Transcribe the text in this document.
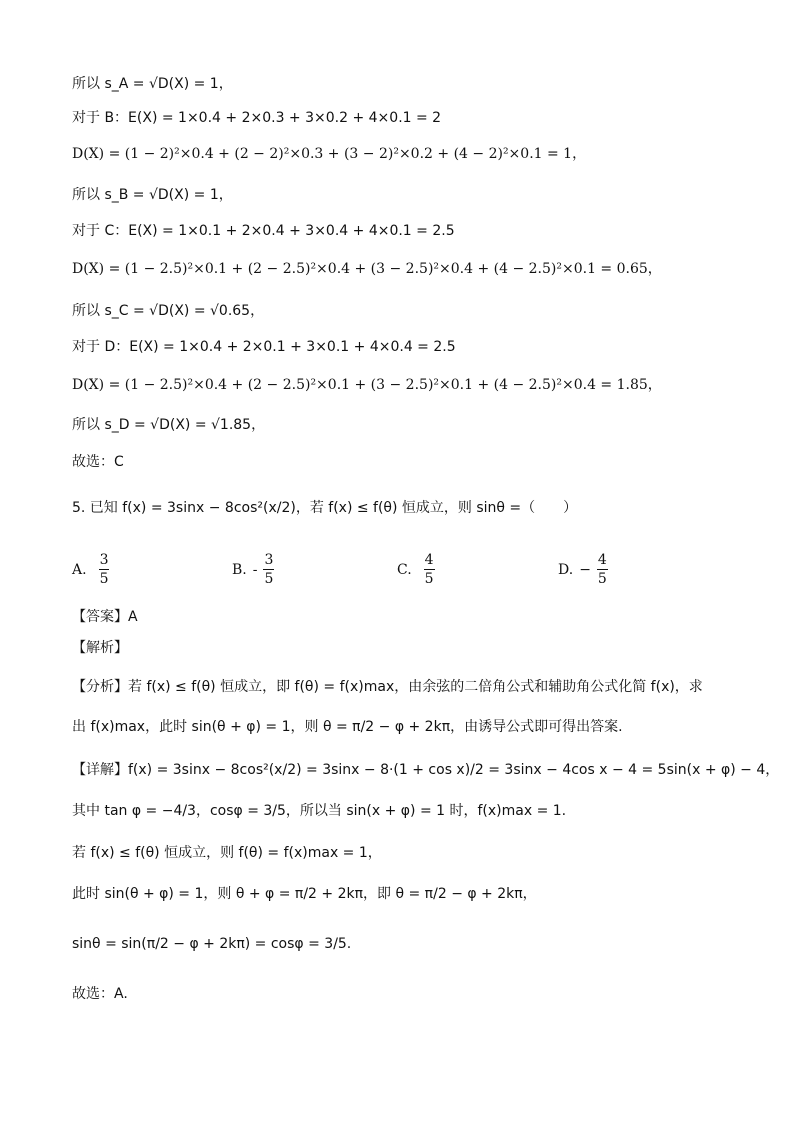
所以 s_A = √D(X) = 1，
对于 B：E(X) = 1×0.4 + 2×0.3 + 3×0.2 + 4×0.1 = 2
D(X) = (1 − 2)²×0.4 + (2 − 2)²×0.3 + (3 − 2)²×0.2 + (4 − 2)²×0.1 = 1，
所以 s_B = √D(X) = 1，
对于 C：E(X) = 1×0.1 + 2×0.4 + 3×0.4 + 4×0.1 = 2.5
D(X) = (1 − 2.5)²×0.1 + (2 − 2.5)²×0.4 + (3 − 2.5)²×0.4 + (4 − 2.5)²×0.1 = 0.65，
所以 s_C = √D(X) = √0.65，
对于 D：E(X) = 1×0.4 + 2×0.1 + 3×0.1 + 4×0.4 = 2.5
D(X) = (1 − 2.5)²×0.4 + (2 − 2.5)²×0.1 + (3 − 2.5)²×0.1 + (4 − 2.5)²×0.4 = 1.85，
所以 s_D = √D(X) = √1.85，
故选：C
5. 已知 f(x) = 3sinx − 8cos²(x/2)，若 f(x) ≤ f(θ) 恒成立，则 sinθ =（　　）
A. $\frac{3}{5}$	B. - $\frac{3}{5}$	C. $\frac{4}{5}$	D. − $\frac{4}{5}$
【答案】A
【解析】
【分析】若 f(x) ≤ f(θ) 恒成立，即 f(θ) = f(x)max，由余弦的二倍角公式和辅助角公式化简 f(x)，求
出 f(x)max，此时 sin(θ + φ) = 1，则 θ = π/2 − φ + 2kπ，由诱导公式即可得出答案.
【详解】f(x) = 3sinx − 8cos²(x/2) = 3sinx − 8·(1 + cos x)/2 = 3sinx − 4cos x − 4 = 5sin(x + φ) − 4，
其中 tan φ = −4/3，cosφ = 3/5，所以当 sin(x + φ) = 1 时，f(x)max = 1.
若 f(x) ≤ f(θ) 恒成立，则 f(θ) = f(x)max = 1，
此时 sin(θ + φ) = 1，则 θ + φ = π/2 + 2kπ，即 θ = π/2 − φ + 2kπ，
sinθ = sin(π/2 − φ + 2kπ) = cosφ = 3/5.
故选：A.
